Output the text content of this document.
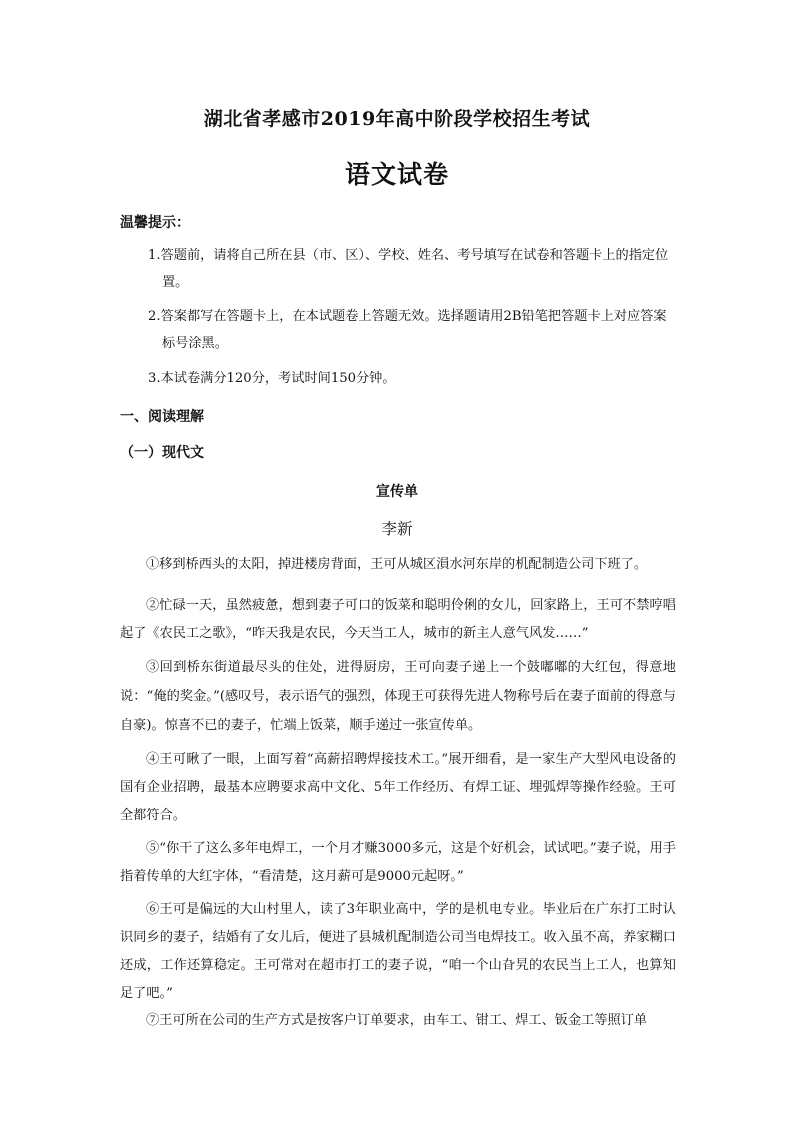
湖北省孝感市2019年高中阶段学校招生考试
语文试卷
温馨提示：
1.答题前，请将自己所在县（市、区）、学校、姓名、考号填写在试卷和答题卡上的指定位置。
2.答案都写在答题卡上，在本试题卷上答题无效。选择题请用2B铅笔把答题卡上对应答案标号涂黑。
3.本试卷满分120分，考试时间150分钟。
一、阅读理解
（一）现代文
宣传单
李新
①移到桥西头的太阳，掉进楼房背面，王可从城区溳水河东岸的机配制造公司下班了。
②忙碌一天，虽然疲惫，想到妻子可口的饭菜和聪明伶俐的女儿，回家路上，王可不禁哼唱起了《农民工之歌》，“昨天我是农民，今天当工人，城市的新主人意气风发……”
③回到桥东街道最尽头的住处，进得厨房，王可向妻子递上一个鼓嘟嘟的大红包，得意地说：“俺的奖金。”(感叹号，表示语气的强烈，体现王可获得先进人物称号后在妻子面前的得意与自豪)。惊喜不已的妻子，忙端上饭菜，顺手递过一张宣传单。
④王可瞅了一眼，上面写着“高薪招聘焊接技术工。”展开细看，是一家生产大型风电设备的国有企业招聘，最基本应聘要求高中文化、5年工作经历、有焊工证、埋弧焊等操作经验。王可全都符合。
⑤“你干了这么多年电焊工，一个月才赚3000多元，这是个好机会，试试吧。”妻子说，用手指着传单的大红字体，“看清楚，这月薪可是9000元起呀。”
⑥王可是偏远的大山村里人，读了3年职业高中，学的是机电专业。毕业后在广东打工时认识同乡的妻子，结婚有了女儿后，便进了县城机配制造公司当电焊技工。收入虽不高，养家糊口还成，工作还算稳定。王可常对在超市打工的妻子说，“咱一个山旮旯的农民当上工人，也算知足了吧。”
⑦王可所在公司的生产方式是按客户订单要求，由车工、钳工、焊工、钣金工等照订单
